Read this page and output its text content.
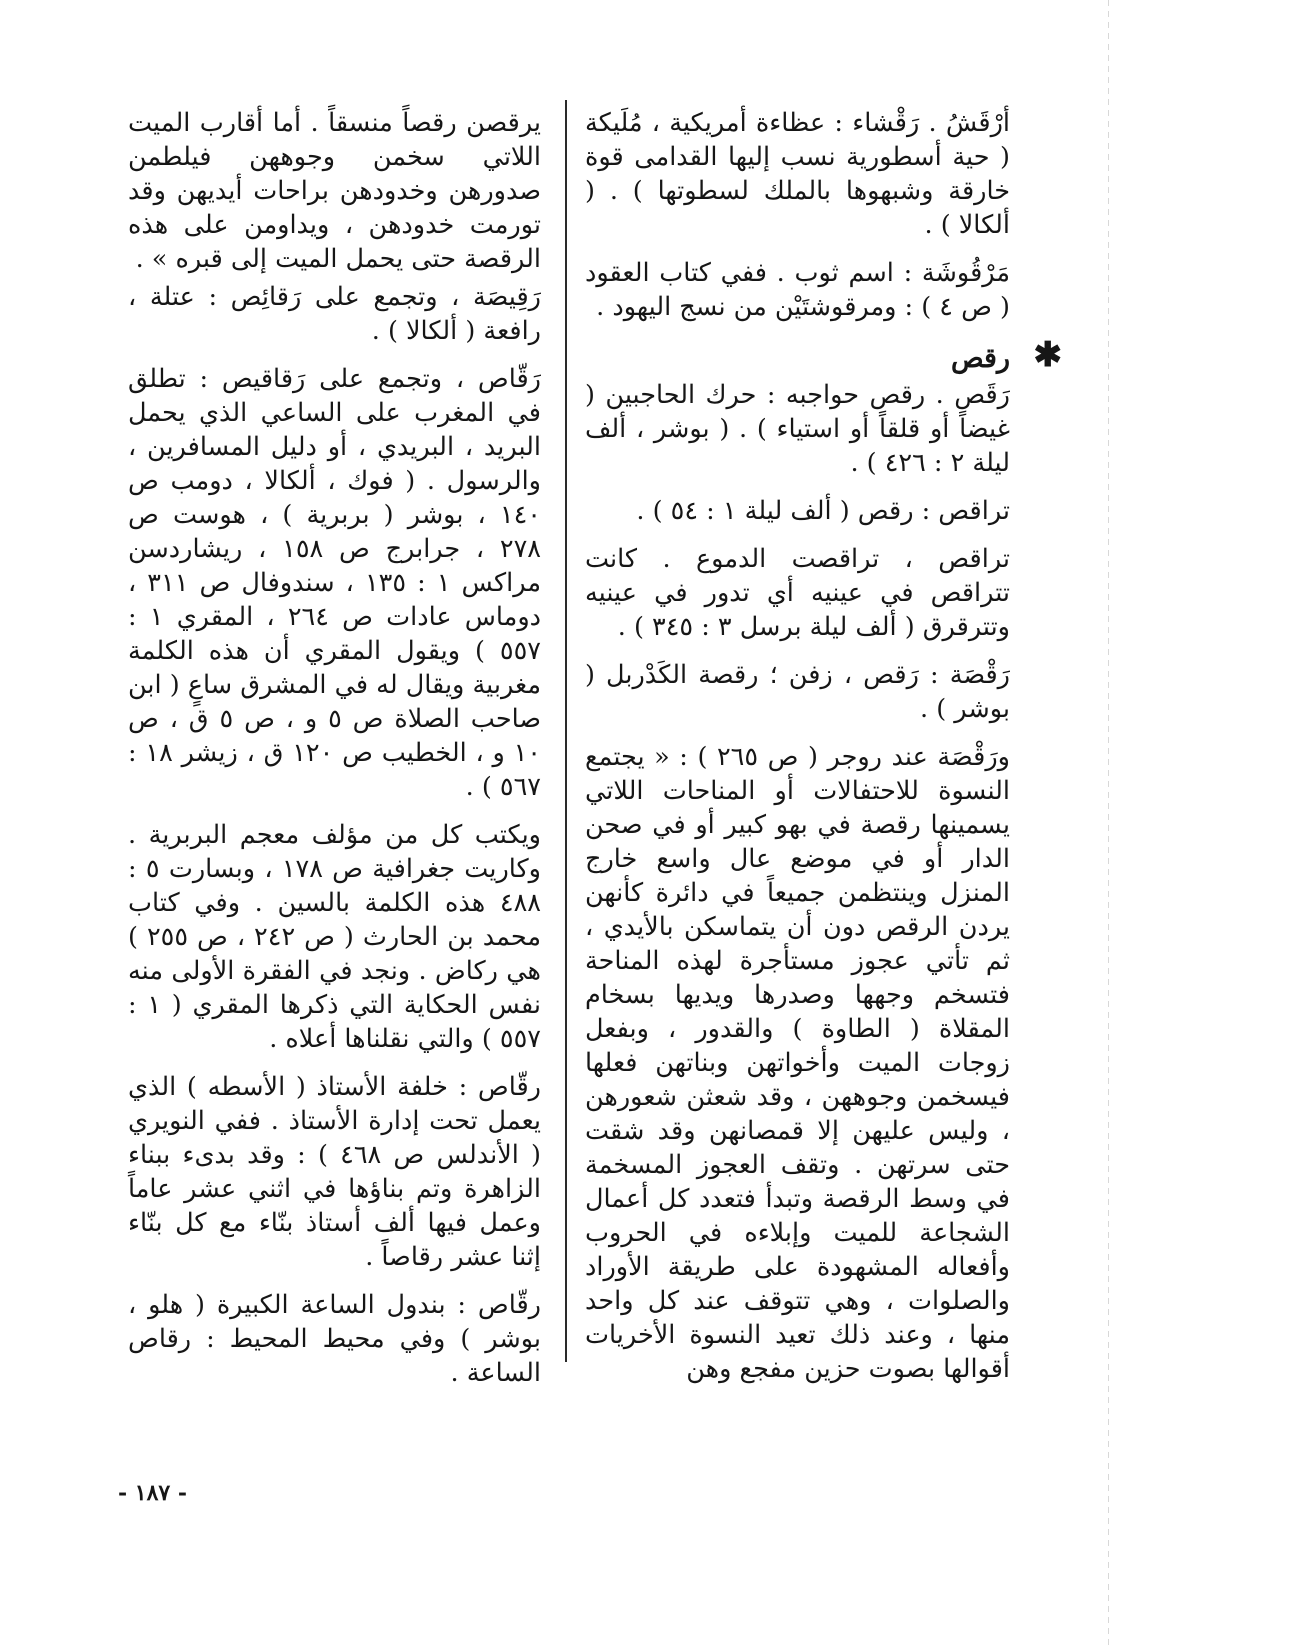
أرْقَشُ . رَقْشاء : عظاءة أمريكية ، مُلَيكة ( حية أسطورية نسب إليها القدامى قوة خارقة وشبهوها بالملك لسطوتها ) . ( ألكالا ) .

مَرْقُوشَة : اسم ثوب . ففي كتاب العقود ( ص ٤ ) : ومرقوشتَيْن من نسج اليهود .

✱
رقص

رَقَص . رقص حواجبه : حرك الحاجبين ( غيضاً أو قلقاً أو استياء ) . ( بوشر ، ألف ليلة ٢ : ٤٢٦ ) .

تراقص : رقص ( ألف ليلة ١ : ٥٤ ) .

تراقص ، تراقصت الدموع . كانت تتراقص في عينيه أي تدور في عينيه وتترقرق ( ألف ليلة برسل ٣ : ٣٤٥ ) .

رَقْصَة : رَقص ، زفن ؛ رقصة الكَدْربل ( بوشر ) .

ورَقْصَة عند روجر ( ص ٢٦٥ ) : « يجتمع النسوة للاحتفالات أو المناحات اللاتي يسمينها رقصة في بهو كبير أو في صحن الدار أو في موضع عال واسع خارج المنزل وينتظمن جميعاً في دائرة كأنهن يردن الرقص دون أن يتماسكن بالأيدي ، ثم تأتي عجوز مستأجرة لهذه المناحة فتسخم وجهها وصدرها ويديها بسخام المقلاة ( الطاوة ) والقدور ، وبفعل زوجات الميت وأخواتهن وبناتهن فعلها فيسخمن وجوههن ، وقد شعثن شعورهن ، وليس عليهن إلا قمصانهن وقد شقت حتى سرتهن . وتقف العجوز المسخمة في وسط الرقصة وتبدأ فتعدد كل أعمال الشجاعة للميت وإبلاءه في الحروب وأفعاله المشهودة على طريقة الأوراد والصلوات ، وهي تتوقف عند كل واحد منها ، وعند ذلك تعيد النسوة الأخريات أقوالها بصوت حزين مفجع وهن

يرقصن رقصاً منسقاً . أما أقارب الميت اللاتي سخمن وجوههن فيلطمن صدورهن وخدودهن براحات أيديهن وقد تورمت خدودهن ، ويداومن على هذه الرقصة حتى يحمل الميت إلى قبره » .

رَقِيصَة ، وتجمع على رَقائِص : عتلة ، رافعة ( ألكالا ) .

رَقّاص ، وتجمع على رَقاقيص : تطلق في المغرب على الساعي الذي يحمل البريد ، البريدي ، أو دليل المسافرين ، والرسول . ( فوك ، ألكالا ، دومب ص ١٤٠ ، بوشر ( بربرية ) ، هوست ص ٢٧٨ ، جرابرج ص ١٥٨ ، ريشاردسن مراكس ١ : ١٣٥ ، سندوفال ص ٣١١ ، دوماس عادات ص ٢٦٤ ، المقري ١ : ٥٥٧ ) ويقول المقري أن هذه الكلمة مغربية ويقال له في المشرق ساعٍ ( ابن صاحب الصلاة ص ٥ و ، ص ٥ ق ، ص ١٠ و ، الخطيب ص ١٢٠ ق ، زيشر ١٨ : ٥٦٧ ) .

ويكتب كل من مؤلف معجم البربرية . وكاريت جغرافية ص ١٧٨ ، وبسارت ٥ : ٤٨٨ هذه الكلمة بالسين . وفي كتاب محمد بن الحارث ( ص ٢٤٢ ، ص ٢٥٥ ) هي ركاض . ونجد في الفقرة الأولى منه نفس الحكاية التي ذكرها المقري ( ١ : ٥٥٧ ) والتي نقلناها أعلاه .

رقّاص : خلفة الأستاذ ( الأسطه ) الذي يعمل تحت إدارة الأستاذ . ففي النويري ( الأندلس ص ٤٦٨ ) : وقد بدىء ببناء الزاهرة وتم بناؤها في اثني عشر عاماً وعمل فيها ألف أستاذ بنّاء مع كل بنّاء إثنا عشر رقاصاً .

رقّاص : بندول الساعة الكبيرة ( هلو ، بوشر ) وفي محيط المحيط : رقاص الساعة .

- ١٨٧ -
